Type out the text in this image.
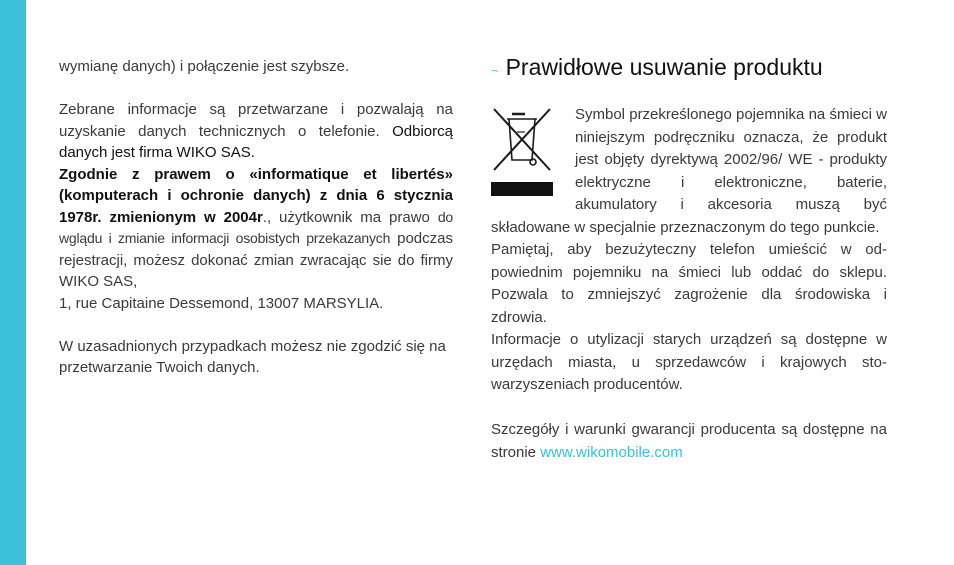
wymianę danych) i połączenie jest szybsze.

Zebrane informacje są przetwarzane i pozwalają na uzyskanie danych technicznych o telefonie. Odbiorcą danych jest firma WIKO SAS.

Zgodnie z prawem o «informatique et libertés» (komputerach i ochronie danych) z dnia 6 stycznia 1978r. zmienionym w 2004r., użytkownik ma prawo do wglądu i zmianie informacji osobistych przekazanych podczas rejestracji, możesz dokonać zmian zwracając sie do firmy WIKO SAS,

1, rue Capitaine Dessemond, 13007 MARSYLIA.

W uzasadnionych przypadkach możesz nie zgodzić się na przetwarzanie Twoich danych.

~ Prawidłowe usuwanie produktu

Symbol przekreślonego pojemnika na śmieci w niniejszym podręczniku oznacza, że produkt jest objęty dyrektywą 2002/96/ WE - produkty elektryczne i elektroniczne, baterie, akumulatory i akcesoria muszą być składowane w specjalnie przeznaczonym do tego punkcie.

Pamiętaj, aby bezużyteczny telefon umieścić w od-powiednim pojemniku na śmieci lub oddać do sklepu. Pozwala to zmniejszyć zagrożenie dla środowiska i zdrowia.

Informacje o utylizacji starych urządzeń są dostępne w urzędach miasta, u sprzedawców i krajowych sto-warzyszeniach producentów.

Szczegóły i warunki gwarancji producenta są dostępne na stronie www.wikomobile.com
